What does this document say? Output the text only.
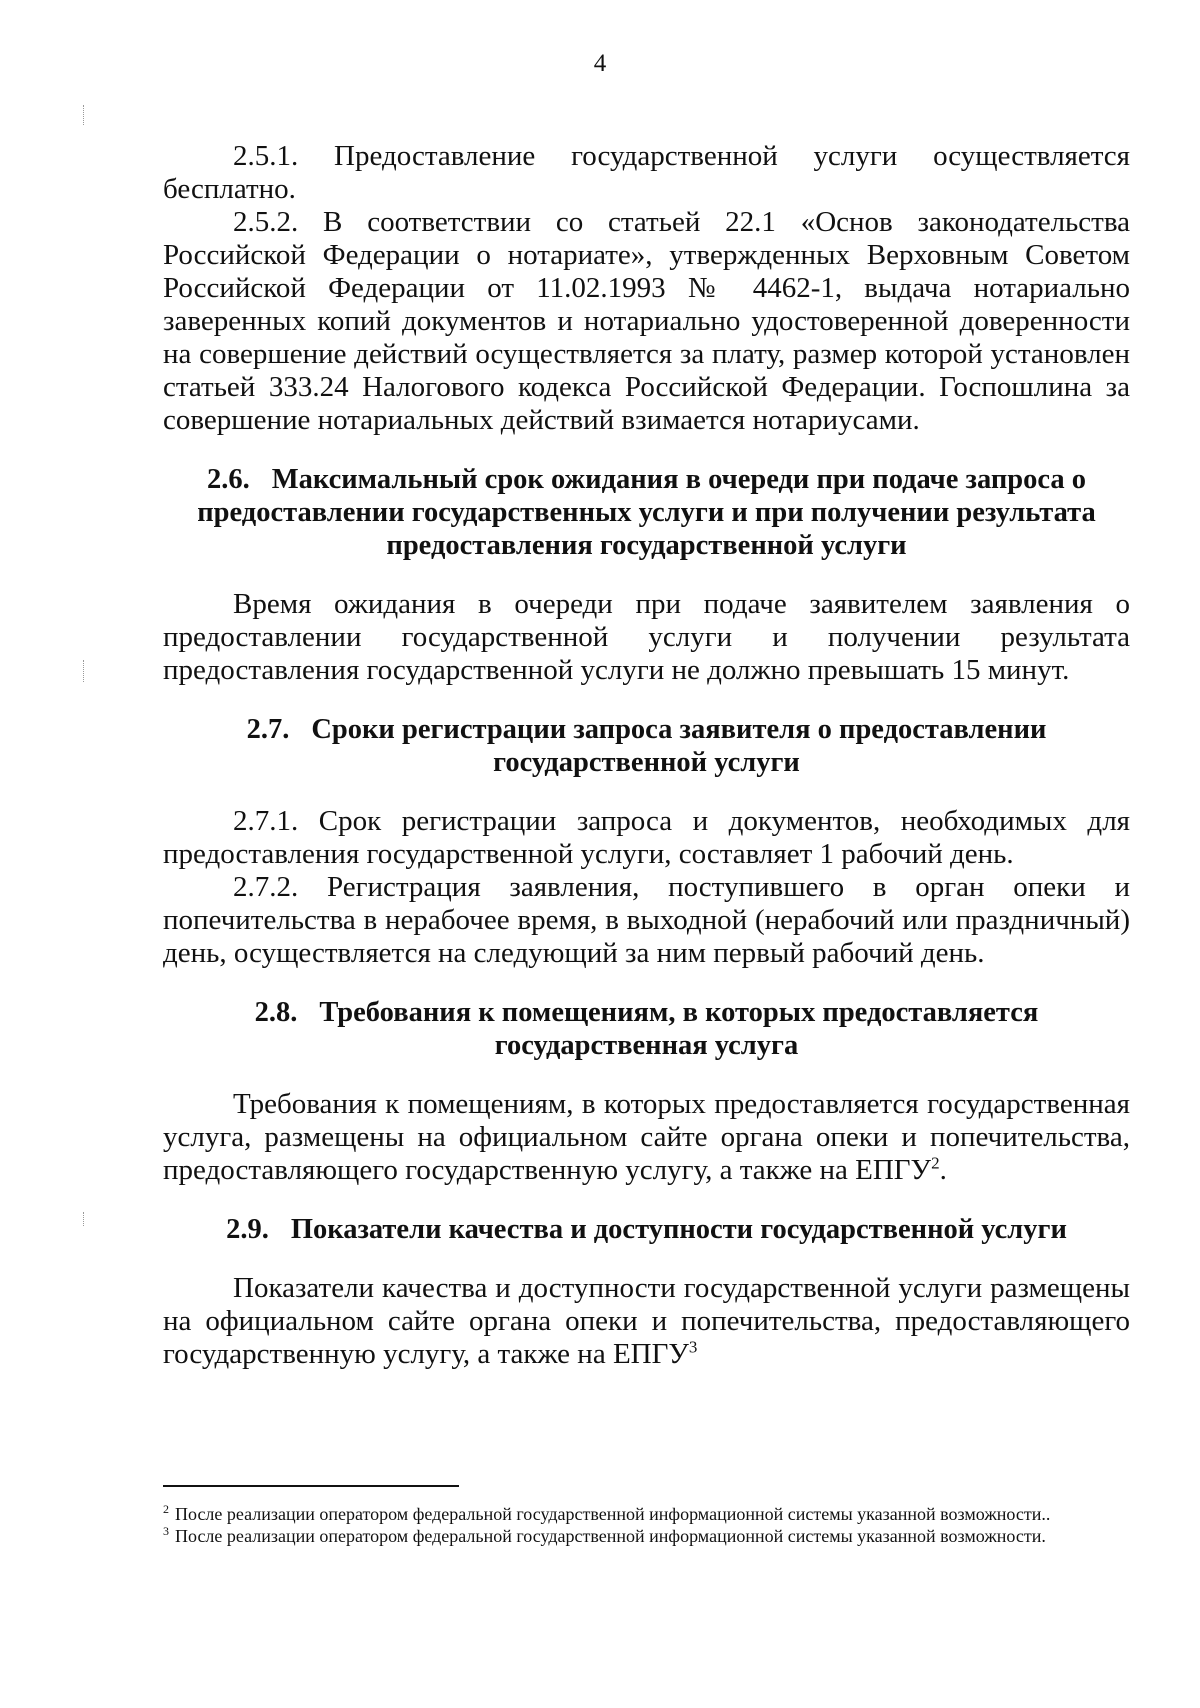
4

2.5.1. Предоставление государственной услуги осуществляется бесплатно.

2.5.2. В соответствии со статьей 22.1 «Основ законодательства Российской Федерации о нотариате», утвержденных Верховным Советом Российской Федерации от 11.02.1993 № 4462-1, выдача нотариально заверенных копий документов и нотариально удостоверенной доверенности на совершение действий осуществляется за плату, размер которой установлен статьей 333.24 Налогового кодекса Российской Федерации. Госпошлина за совершение нотариальных действий взимается нотариусами.

2.6. Максимальный срок ожидания в очереди при подаче запроса о предоставлении государственных услуги и при получении результата предоставления государственной услуги

Время ожидания в очереди при подаче заявителем заявления о предоставлении государственной услуги и получении результата предоставления государственной услуги не должно превышать 15 минут.

2.7. Сроки регистрации запроса заявителя о предоставлении государственной услуги

2.7.1. Срок регистрации запроса и документов, необходимых для предоставления государственной услуги, составляет 1 рабочий день.

2.7.2. Регистрация заявления, поступившего в орган опеки и попечительства в нерабочее время, в выходной (нерабочий или праздничный) день, осуществляется на следующий за ним первый рабочий день.

2.8. Требования к помещениям, в которых предоставляется государственная услуга

Требования к помещениям, в которых предоставляется государственная услуга, размещены на официальном сайте органа опеки и попечительства, предоставляющего государственную услугу, а также на ЕПГУ$^2$.

2.9. Показатели качества и доступности государственной услуги

Показатели качества и доступности государственной услуги размещены на официальном сайте органа опеки и попечительства, предоставляющего государственную услугу, а также на ЕПГУ$^3$

$^2$ После реализации оператором федеральной государственной информационной системы указанной возможности..

$^3$ После реализации оператором федеральной государственной информационной системы указанной возможности.
